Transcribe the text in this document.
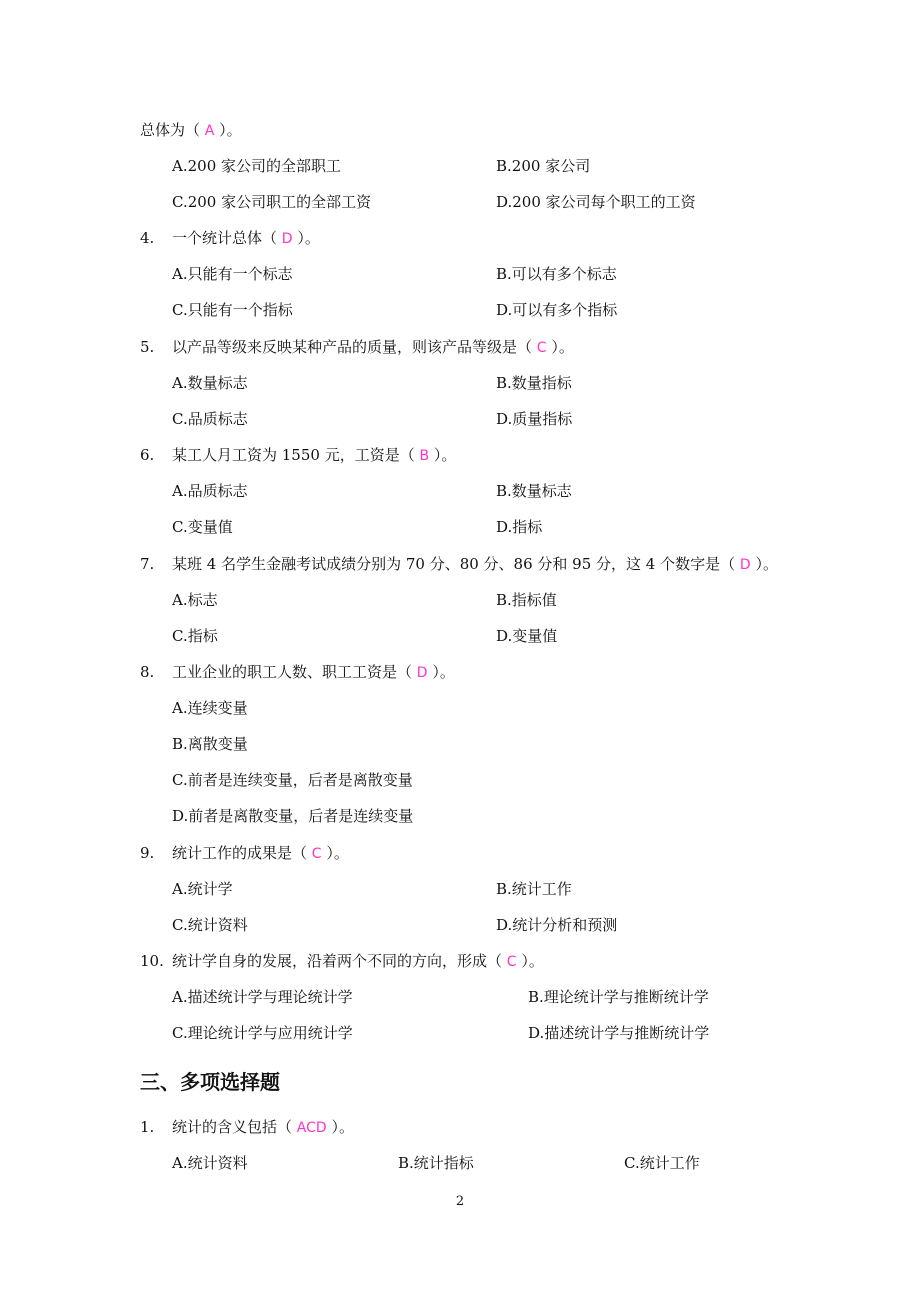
总体为（ A ）。
A.200 家公司的全部职工	B.200 家公司
C.200 家公司职工的全部工资	D.200 家公司每个职工的工资
4. 一个统计总体（ D ）。
A.只能有一个标志	B.可以有多个标志
C.只能有一个指标	D.可以有多个指标
5. 以产品等级来反映某种产品的质量，则该产品等级是（ C ）。
A.数量标志	B.数量指标
C.品质标志	D.质量指标
6. 某工人月工资为 1550 元，工资是（ B ）。
A.品质标志	B.数量标志
C.变量值	D.指标
7. 某班 4 名学生金融考试成绩分别为 70 分、80 分、86 分和 95 分，这 4 个数字是（ D ）。
A.标志	B.指标值
C.指标	D.变量值
8. 工业企业的职工人数、职工工资是（ D ）。
A.连续变量
B.离散变量
C.前者是连续变量，后者是离散变量
D.前者是离散变量，后者是连续变量
9. 统计工作的成果是（ C ）。
A.统计学	B.统计工作
C.统计资料	D.统计分析和预测
10. 统计学自身的发展，沿着两个不同的方向，形成（ C ）。
A.描述统计学与理论统计学	B.理论统计学与推断统计学
C.理论统计学与应用统计学	D.描述统计学与推断统计学
三、多项选择题
1. 统计的含义包括（ ACD ）。
A.统计资料	B.统计指标	C.统计工作
2
